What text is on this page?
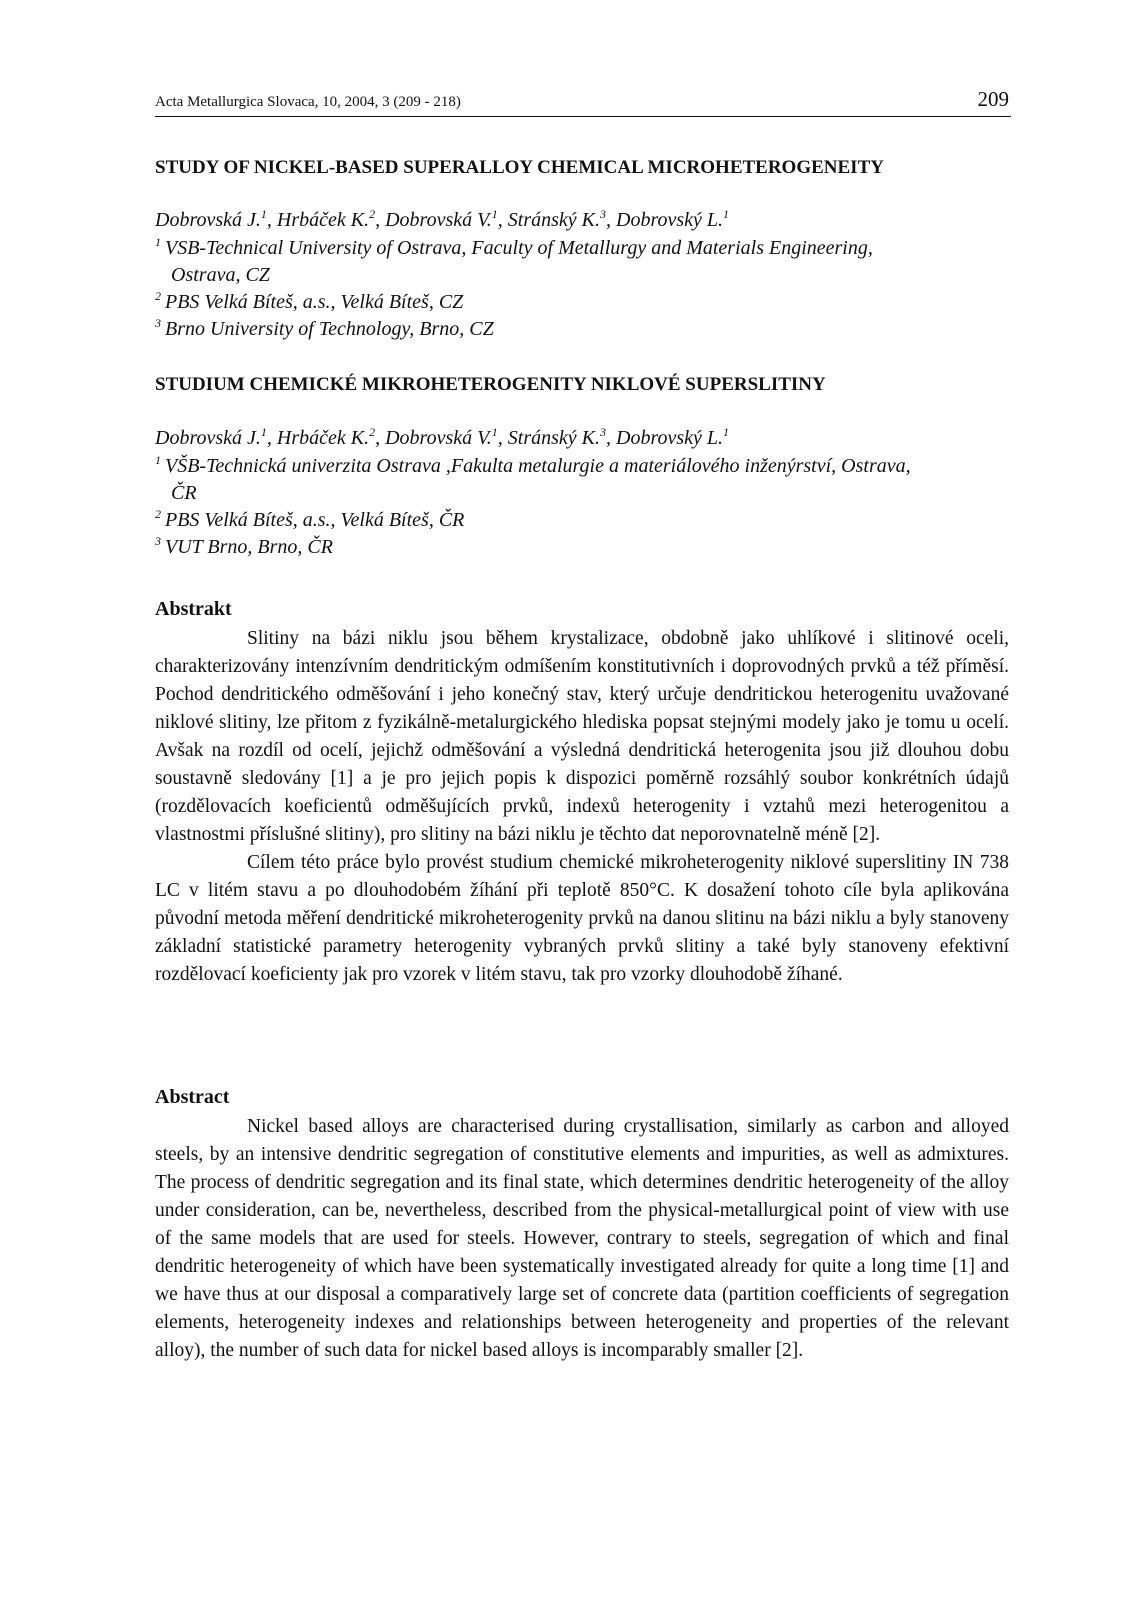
Acta Metallurgica Slovaca, 10, 2004, 3 (209 - 218)	209
STUDY OF NICKEL-BASED SUPERALLOY CHEMICAL MICROHETEROGENEITY
Dobrovská J.$^1$, Hrbáček K.$^2$, Dobrovská V.$^1$, Stránský K.$^3$, Dobrovský L.$^1$
$^1$ VSB-Technical University of Ostrava, Faculty of Metallurgy and Materials Engineering,
Ostrava, CZ
$^2$ PBS Velká Bíteš, a.s., Velká Bíteš, CZ
$^3$ Brno University of Technology, Brno, CZ
STUDIUM CHEMICKÉ MIKROHETEROGENITY NIKLOVÉ SUPERSLITINY
Dobrovská J.$^1$, Hrbáček K.$^2$, Dobrovská V.$^1$, Stránský K.$^3$, Dobrovský L.$^1$
$^1$ VŠB-Technická univerzita Ostrava ,Fakulta metalurgie a materiálového inženýrství, Ostrava,
ČR
$^2$ PBS Velká Bíteš, a.s., Velká Bíteš, ČR
$^3$ VUT Brno, Brno, ČR
Abstrakt

Slitiny na bázi niklu jsou během krystalizace, obdobně jako uhlíkové i slitinové oceli, charakterizovány intenzívním dendritickým odmíšením konstitutivních i doprovodných prvků a též příměsí. Pochod dendritického odměšování i jeho konečný stav, který určuje dendritickou heterogenitu uvažované niklové slitiny, lze přitom z fyzikálně-metalurgického hlediska popsat stejnými modely jako je tomu u ocelí. Avšak na rozdíl od ocelí, jejichž odměšování a výsledná dendritická heterogenita jsou již dlouhou dobu soustavně sledovány [1] a je pro jejich popis k dispozici poměrně rozsáhlý soubor konkrétních údajů (rozdělovacích koeficientů odměšujících prvků, indexů heterogenity i vztahů mezi heterogenitou a vlastnostmi příslušné slitiny), pro slitiny na bázi niklu je těchto dat neporovnatelně méně [2].

Cílem této práce bylo provést studium chemické mikroheterogenity niklové superslitiny IN 738 LC v litém stavu a po dlouhodobém žíhání při teplotě 850°C. K dosažení tohoto cíle byla aplikována původní metoda měření dendritické mikroheterogenity prvků na danou slitinu na bázi niklu a byly stanoveny základní statistické parametry heterogenity vybraných prvků slitiny a také byly stanoveny efektivní rozdělovací koeficienty jak pro vzorek v litém stavu, tak pro vzorky dlouhodobě žíhané.

Abstract

Nickel based alloys are characterised during crystallisation, similarly as carbon and alloyed steels, by an intensive dendritic segregation of constitutive elements and impurities, as well as admixtures. The process of dendritic segregation and its final state, which determines dendritic heterogeneity of the alloy under consideration, can be, nevertheless, described from the physical-metallurgical point of view with use of the same models that are used for steels. However, contrary to steels, segregation of which and final dendritic heterogeneity of which have been systematically investigated already for quite a long time [1] and we have thus at our disposal a comparatively large set of concrete data (partition coefficients of segregation elements, heterogeneity indexes and relationships between heterogeneity and properties of the relevant alloy), the number of such data for nickel based alloys is incomparably smaller [2].
